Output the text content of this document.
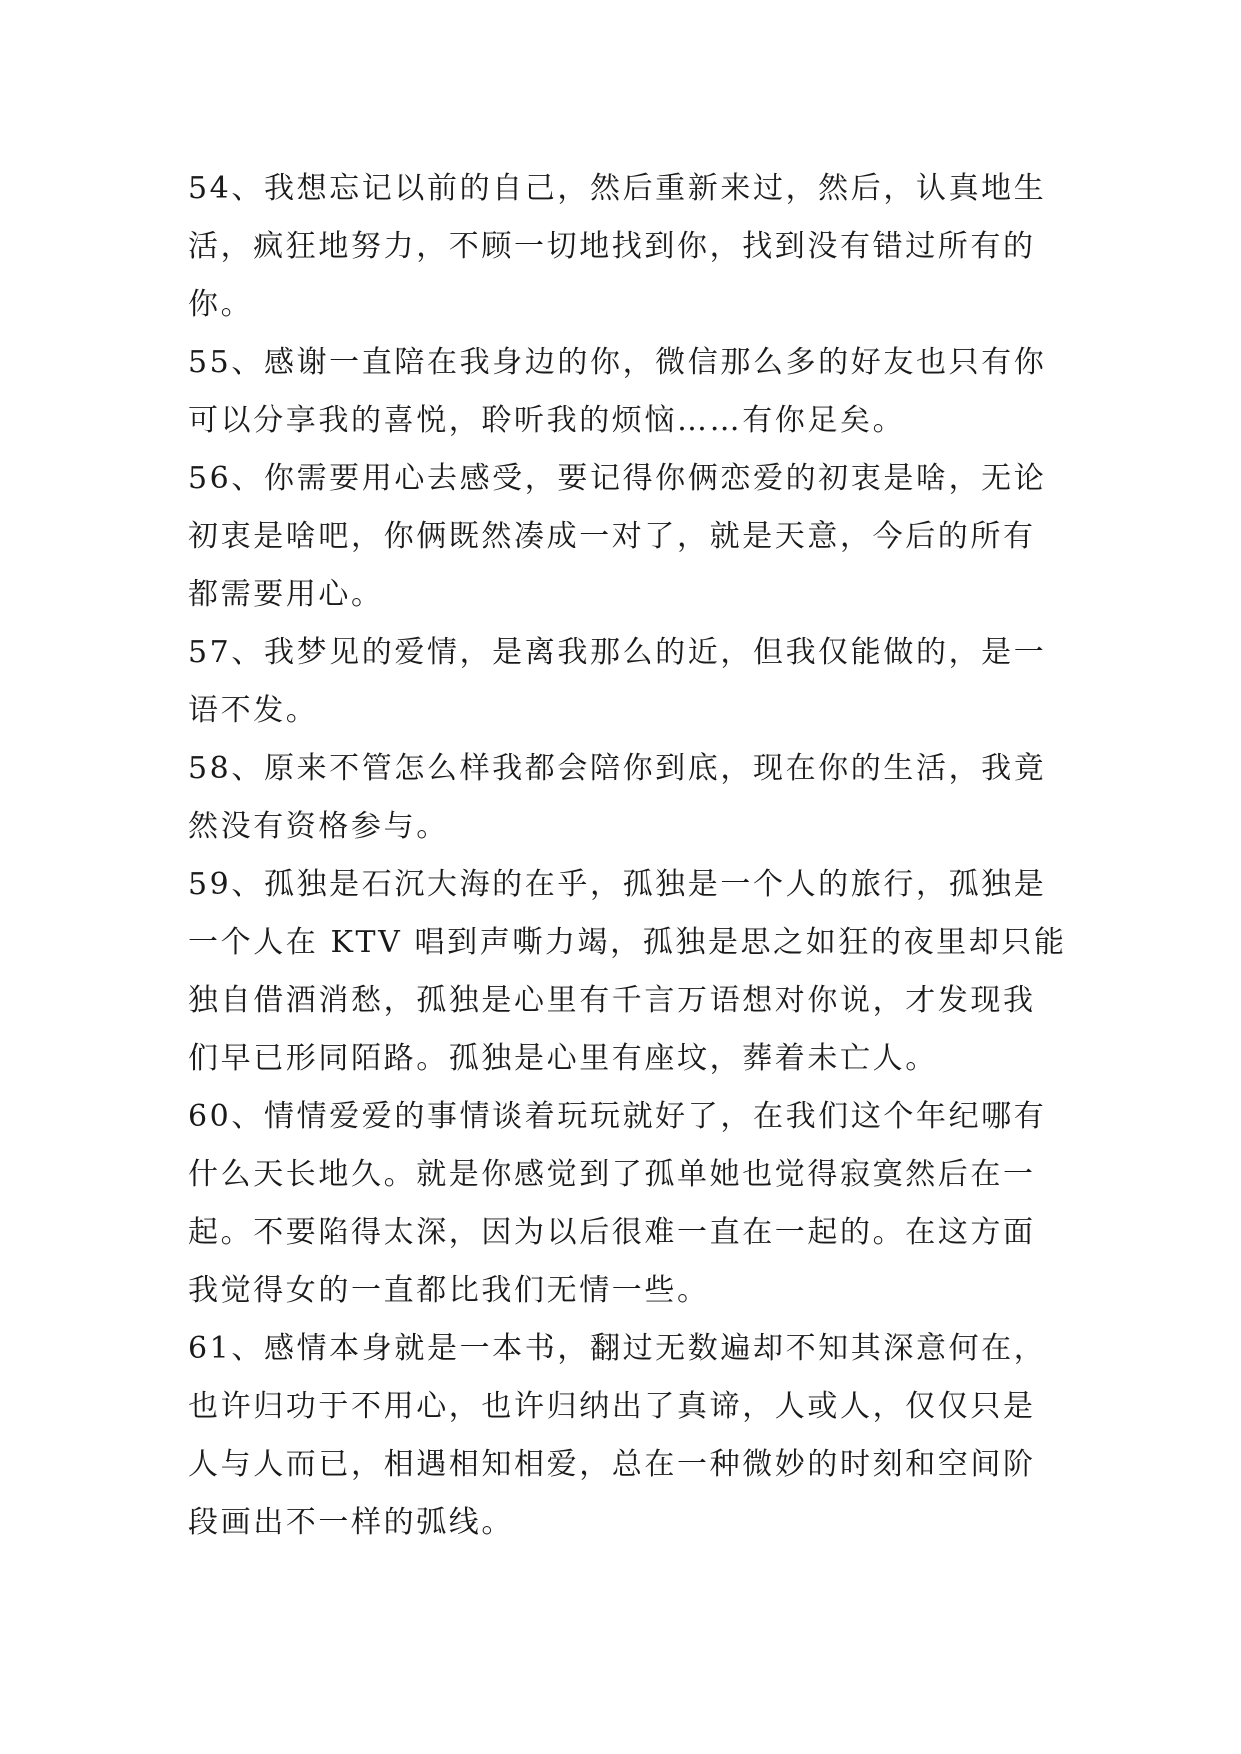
54、我想忘记以前的自己，然后重新来过，然后，认真地生
活，疯狂地努力，不顾一切地找到你，找到没有错过所有的
你。
55、感谢一直陪在我身边的你，微信那么多的好友也只有你
可以分享我的喜悦，聆听我的烦恼……有你足矣。
56、你需要用心去感受，要记得你俩恋爱的初衷是啥，无论
初衷是啥吧，你俩既然凑成一对了，就是天意，今后的所有
都需要用心。
57、我梦见的爱情，是离我那么的近，但我仅能做的，是一
语不发。
58、原来不管怎么样我都会陪你到底，现在你的生活，我竟
然没有资格参与。
59、孤独是石沉大海的在乎，孤独是一个人的旅行，孤独是
一个人在 KTV 唱到声嘶力竭，孤独是思之如狂的夜里却只能
独自借酒消愁，孤独是心里有千言万语想对你说，才发现我
们早已形同陌路。孤独是心里有座坟，葬着未亡人。
60、情情爱爱的事情谈着玩玩就好了，在我们这个年纪哪有
什么天长地久。就是你感觉到了孤单她也觉得寂寞然后在一
起。不要陷得太深，因为以后很难一直在一起的。在这方面
我觉得女的一直都比我们无情一些。
61、感情本身就是一本书，翻过无数遍却不知其深意何在，
也许归功于不用心，也许归纳出了真谛，人或人，仅仅只是
人与人而已，相遇相知相爱，总在一种微妙的时刻和空间阶
段画出不一样的弧线。
